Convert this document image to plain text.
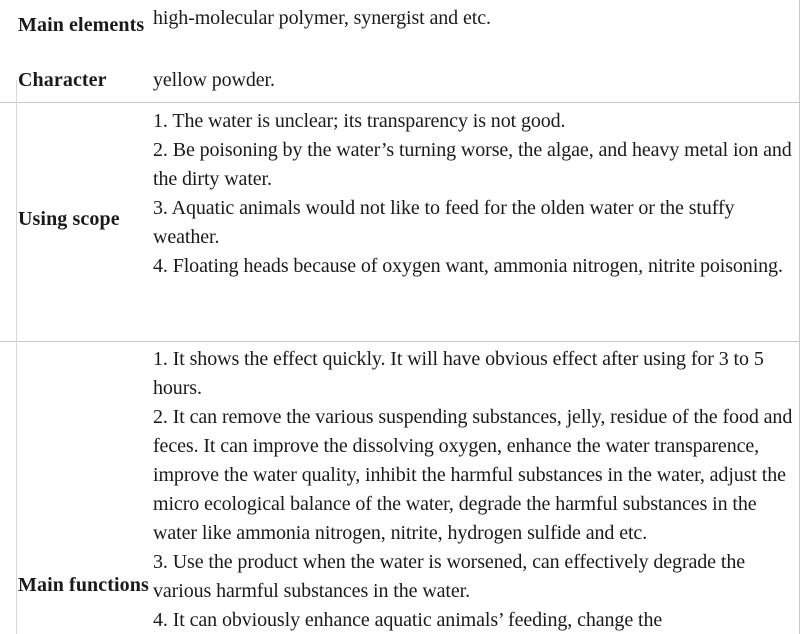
Main elements	high-molecular polymer, synergist and etc.
Character	yellow powder.
Using scope	1. The water is unclear; its transparency is not good.
2. Be poisoning by the water’s turning worse, the algae, and heavy metal ion and the dirty water.
3. Aquatic animals would not like to feed for the olden water or the stuffy weather.
4. Floating heads because of oxygen want, ammonia nitrogen, nitrite poisoning.

Main functions	1. It shows the effect quickly. It will have obvious effect after using for 3 to 5 hours.
2. It can remove the various suspending substances, jelly, residue of the food and feces. It can improve the dissolving oxygen, enhance the water transparence, improve the water quality, inhibit the harmful substances in the water, adjust the micro ecological balance of the water, degrade the harmful substances in the water like ammonia nitrogen, nitrite, hydrogen sulfide and etc.
3. Use the product when the water is worsened, can effectively degrade the various harmful substances in the water.
4. It can obviously enhance aquatic animals’ feeding, change the
